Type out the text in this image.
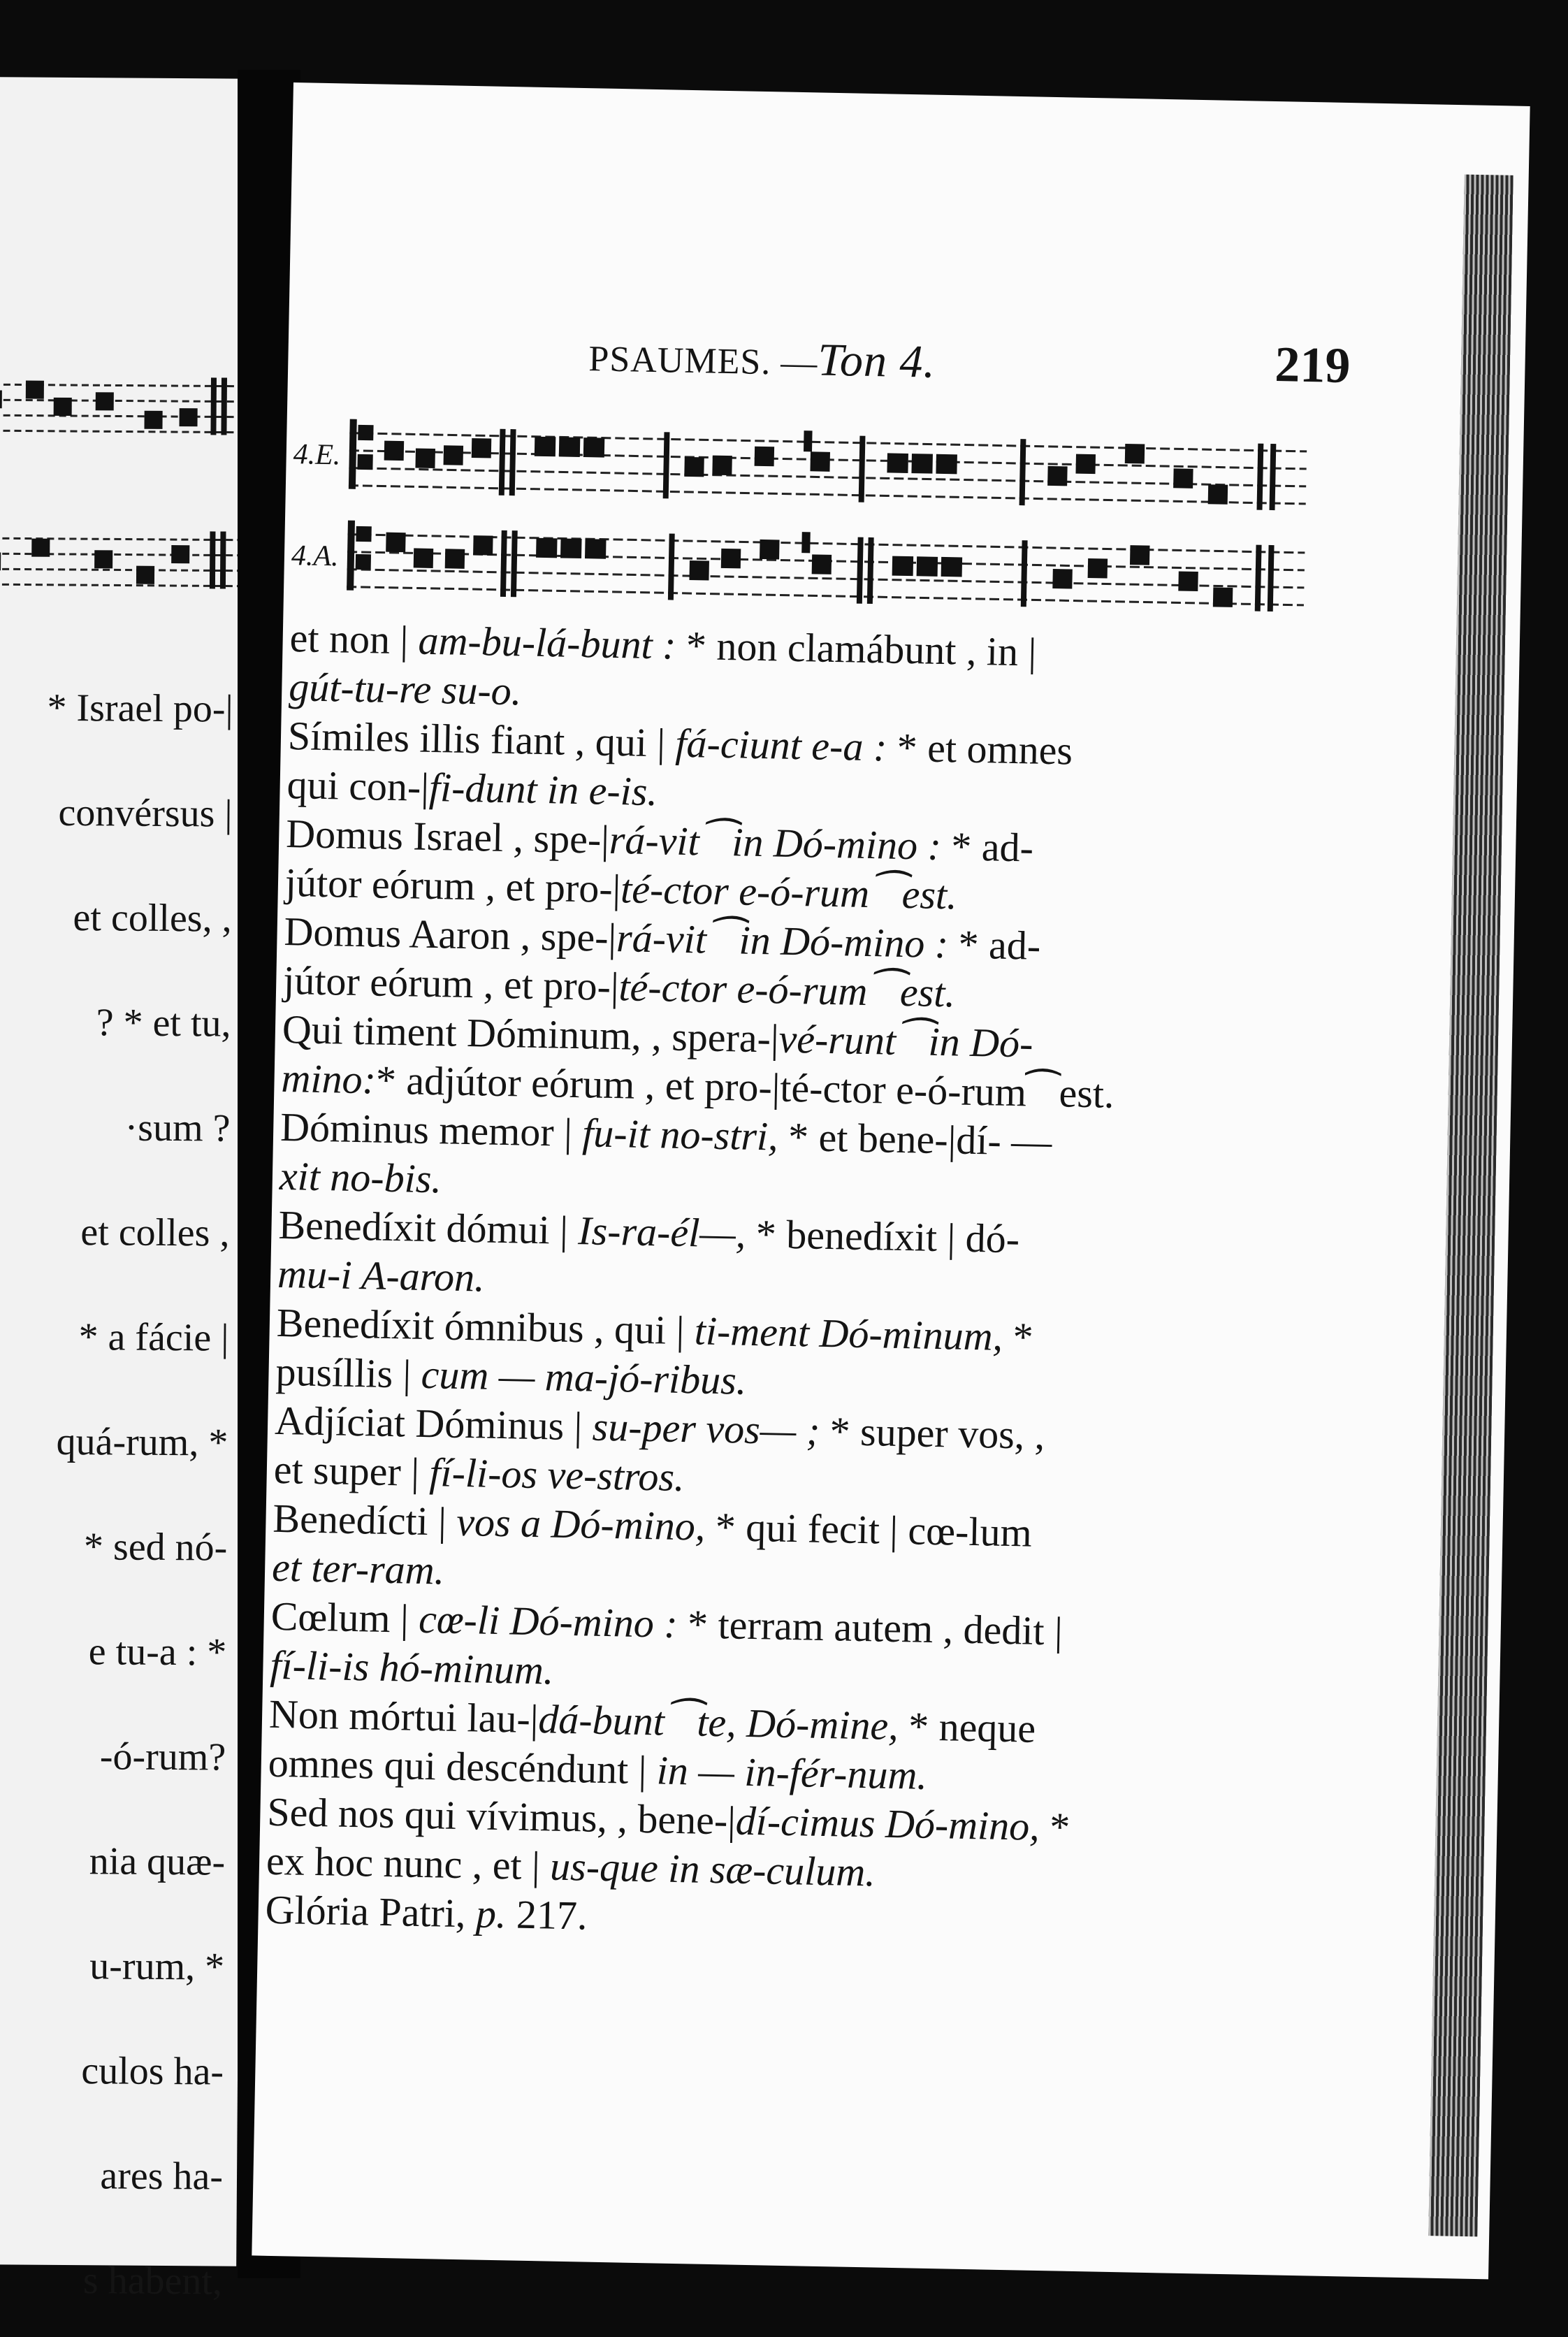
* Israel po-|
convérsus |
et colles, ,
? * et tu,
·sum ?
et colles ,
* a fácie |
quá-rum, *
* sed nó-
e tu-a : *
-ó-rum?
nia quæ-
u-rum, *
culos ha-
ares ha-
s habent,
PSAUMES. —Ton 4.	219
4.E.
4.A.
et non | am-bu-lá-bunt : * non clamábunt , in |
gút-tu-re su-o.
Símiles illis fiant , qui | fá-ciunt e-a : * et omnes
qui con-|fi-dunt in e-is.
Domus Israel , spe-|rá-vit⁀in Dó-mino : * ad-
jútor eórum , et pro-|té-ctor e-ó-rum⁀est.
Domus Aaron , spe-|rá-vit⁀in Dó-mino : * ad-
jútor eórum , et pro-|té-ctor e-ó-rum⁀est.
Qui timent Dóminum, , spera-|vé-runt⁀in Dó-
mino:* adjútor eórum , et pro-|té-ctor e-ó-rum⁀est.
Dóminus memor | fu-it no-stri, * et bene-|dí- —
xit no-bis.
Benedíxit dómui | Is-ra-él—, * benedíxit | dó-
mu-i A-aron.
Benedíxit ómnibus , qui | ti-ment Dó-minum, *
pusíllis | cum — ma-jó-ribus.
Adjíciat Dóminus | su-per vos— ; * super vos, ,
et super | fí-li-os ve-stros.
Benedícti | vos a Dó-mino, * qui fecit | cœ-lum
et ter-ram.
Cœlum | cœ-li Dó-mino : * terram autem , dedit |
fí-li-is hó-minum.
Non mórtui lau-|dá-bunt⁀te, Dó-mine, * neque
omnes qui descéndunt | in — in-fér-num.
Sed nos qui vívimus, , bene-|dí-cimus Dó-mino, *
ex hoc nunc , et | us-que in sæ-culum.
Glória Patri, p. 217.
